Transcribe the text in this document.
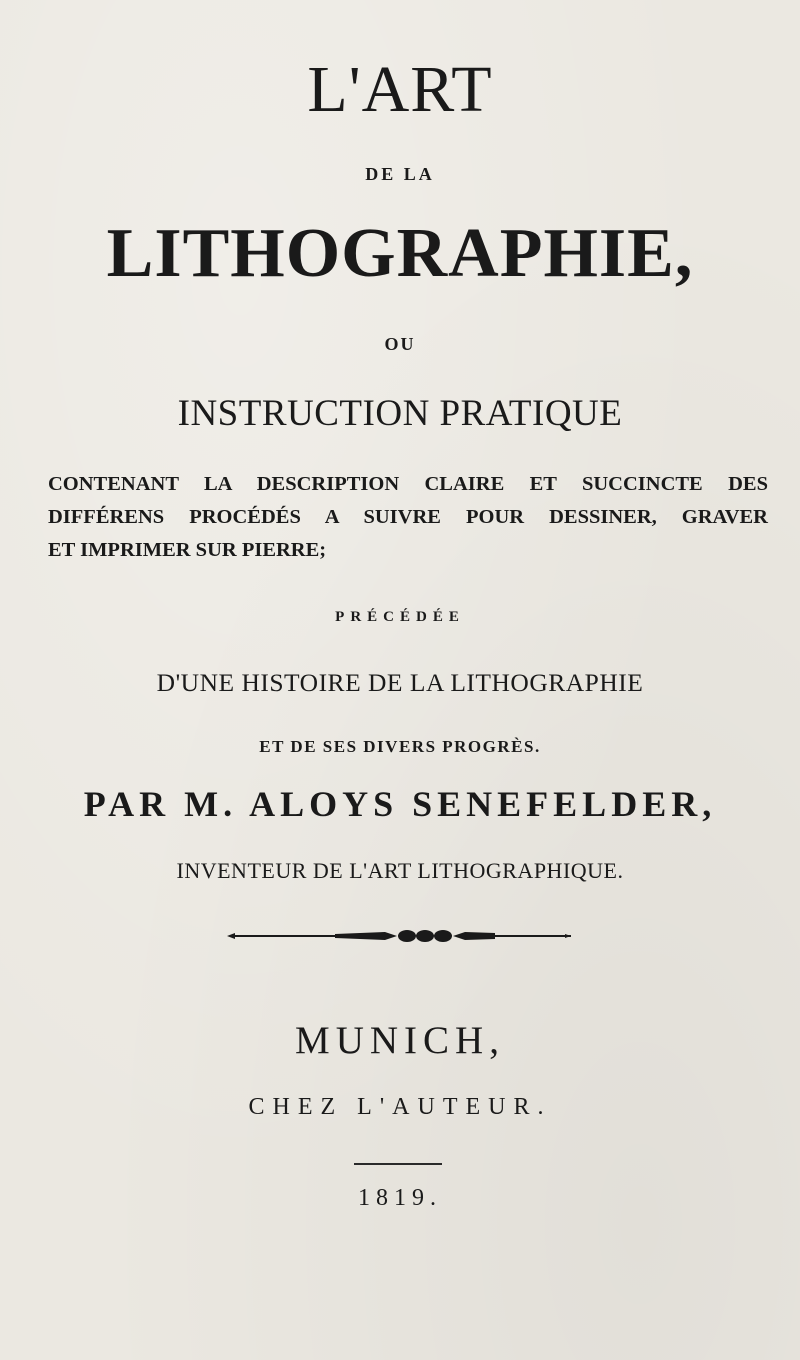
L'ART
DE LA
LITHOGRAPHIE,
OU
INSTRUCTION PRATIQUE
CONTENANT LA DESCRIPTION CLAIRE ET SUCCINCTE DES
DIFFÉRENS PROCÉDÉS A SUIVRE POUR DESSINER, GRAVER
ET IMPRIMER SUR PIERRE;
PRÉCÉDÉE
D'UNE HISTOIRE DE LA LITHOGRAPHIE
ET DE SES DIVERS PROGRÈS.
PAR M. ALOYS SENEFELDER,
INVENTEUR DE L'ART LITHOGRAPHIQUE.
MUNICH,
CHEZ L'AUTEUR.
1819.
